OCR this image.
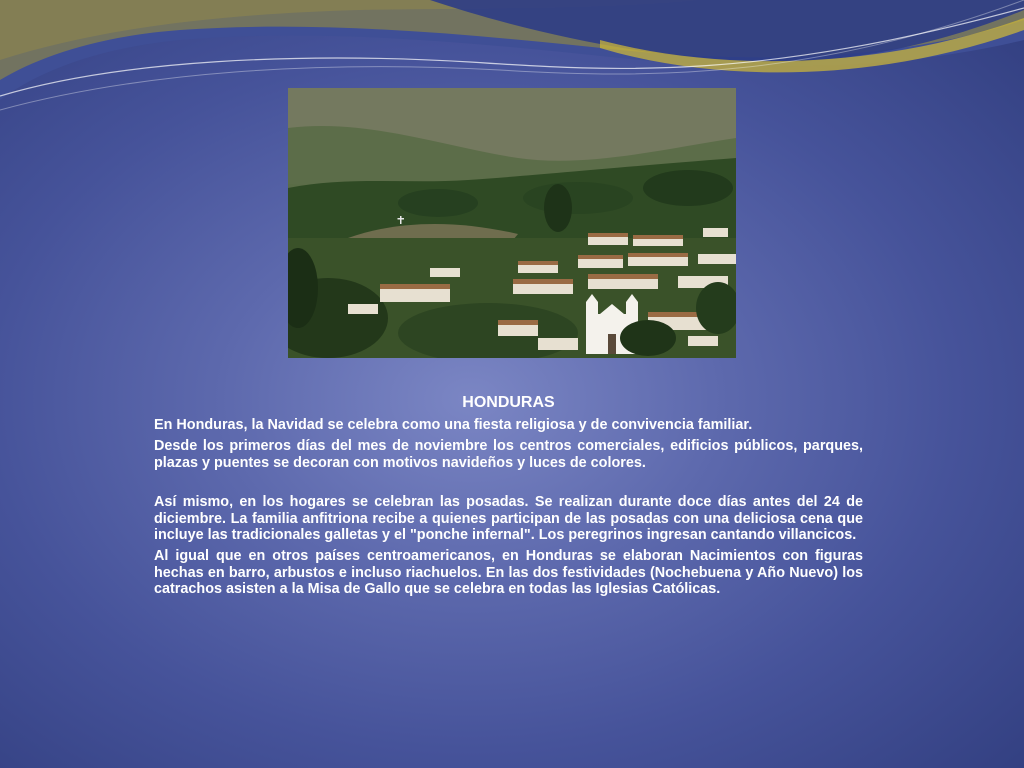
HONDURAS

En Honduras, la Navidad se celebra como una fiesta religiosa y de convivencia familiar.

Desde los primeros días del mes de noviembre los centros comerciales, edificios públicos, parques, plazas y puentes se decoran con motivos navideños y luces de colores.

Así mismo, en los hogares se celebran las posadas. Se realizan durante doce días antes del 24 de diciembre. La familia anfitriona recibe a quienes participan de las posadas con una deliciosa cena que incluye las tradicionales galletas y el "ponche infernal". Los peregrinos ingresan cantando villancicos.

Al igual que en otros países centroamericanos, en Honduras se elaboran Nacimientos con figuras hechas en barro, arbustos e incluso riachuelos. En las dos festividades (Nochebuena y Año Nuevo) los catrachos asisten a la Misa de Gallo que se celebra en todas las Iglesias Católicas.
